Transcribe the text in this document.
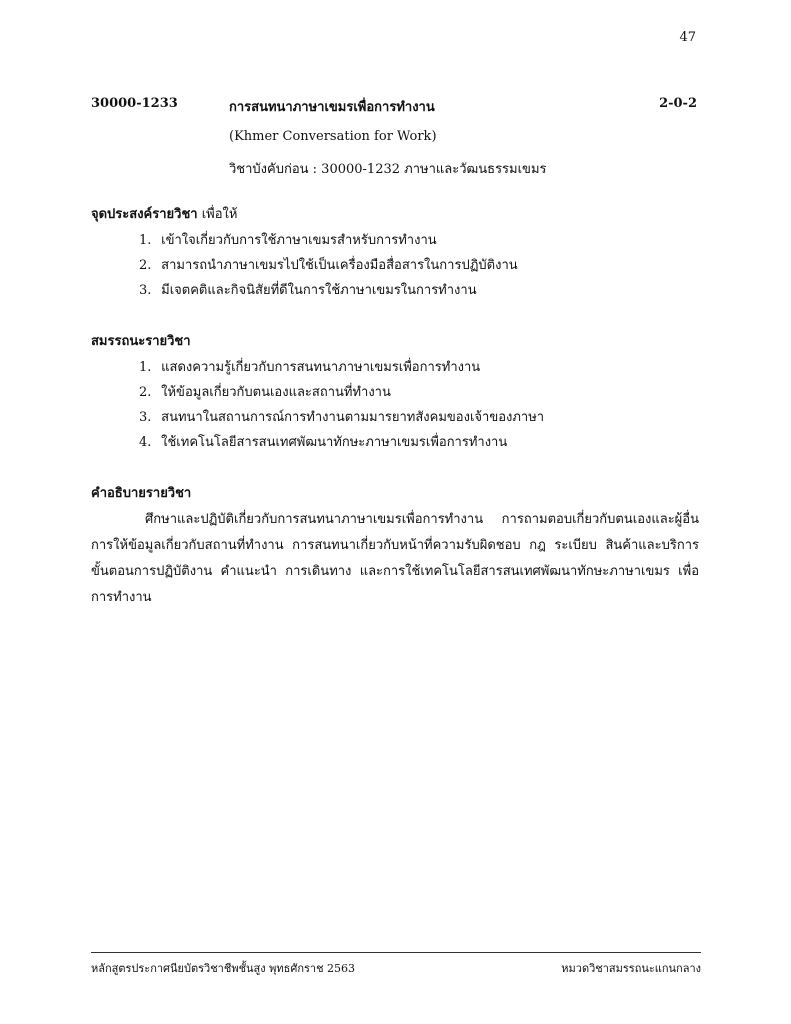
47
30000-1233	การสนทนาภาษาเขมรเพื่อการทำงาน	2-0-2
(Khmer Conversation for Work)
วิชาบังคับก่อน : 30000-1232 ภาษาและวัฒนธรรมเขมร
จุดประสงค์รายวิชา เพื่อให้
1. เข้าใจเกี่ยวกับการใช้ภาษาเขมรสำหรับการทำงาน
2. สามารถนำภาษาเขมรไปใช้เป็นเครื่องมือสื่อสารในการปฏิบัติงาน
3. มีเจตคติและกิจนิสัยที่ดีในการใช้ภาษาเขมรในการทำงาน
สมรรถนะรายวิชา
1. แสดงความรู้เกี่ยวกับการสนทนาภาษาเขมรเพื่อการทำงาน
2. ให้ข้อมูลเกี่ยวกับตนเองและสถานที่ทำงาน
3. สนทนาในสถานการณ์การทำงานตามมารยาทสังคมของเจ้าของภาษา
4. ใช้เทคโนโลยีสารสนเทศพัฒนาทักษะภาษาเขมรเพื่อการทำงาน
คำอธิบายรายวิชา

ศึกษาและปฏิบัติเกี่ยวกับการสนทนาภาษาเขมรเพื่อการทำงาน การถามตอบเกี่ยวกับตนเองและผู้อื่น การให้ข้อมูลเกี่ยวกับสถานที่ทำงาน การสนทนาเกี่ยวกับหน้าที่ความรับผิดชอบ กฎ ระเบียบ สินค้าและบริการ ขั้นตอนการปฏิบัติงาน คำแนะนำ การเดินทาง และการใช้เทคโนโลยีสารสนเทศพัฒนาทักษะภาษาเขมร เพื่อการทำงาน

หลักสูตรประกาศนียบัตรวิชาชีพชั้นสูง พุทธศักราช 2563	หมวดวิชาสมรรถนะแกนกลาง
